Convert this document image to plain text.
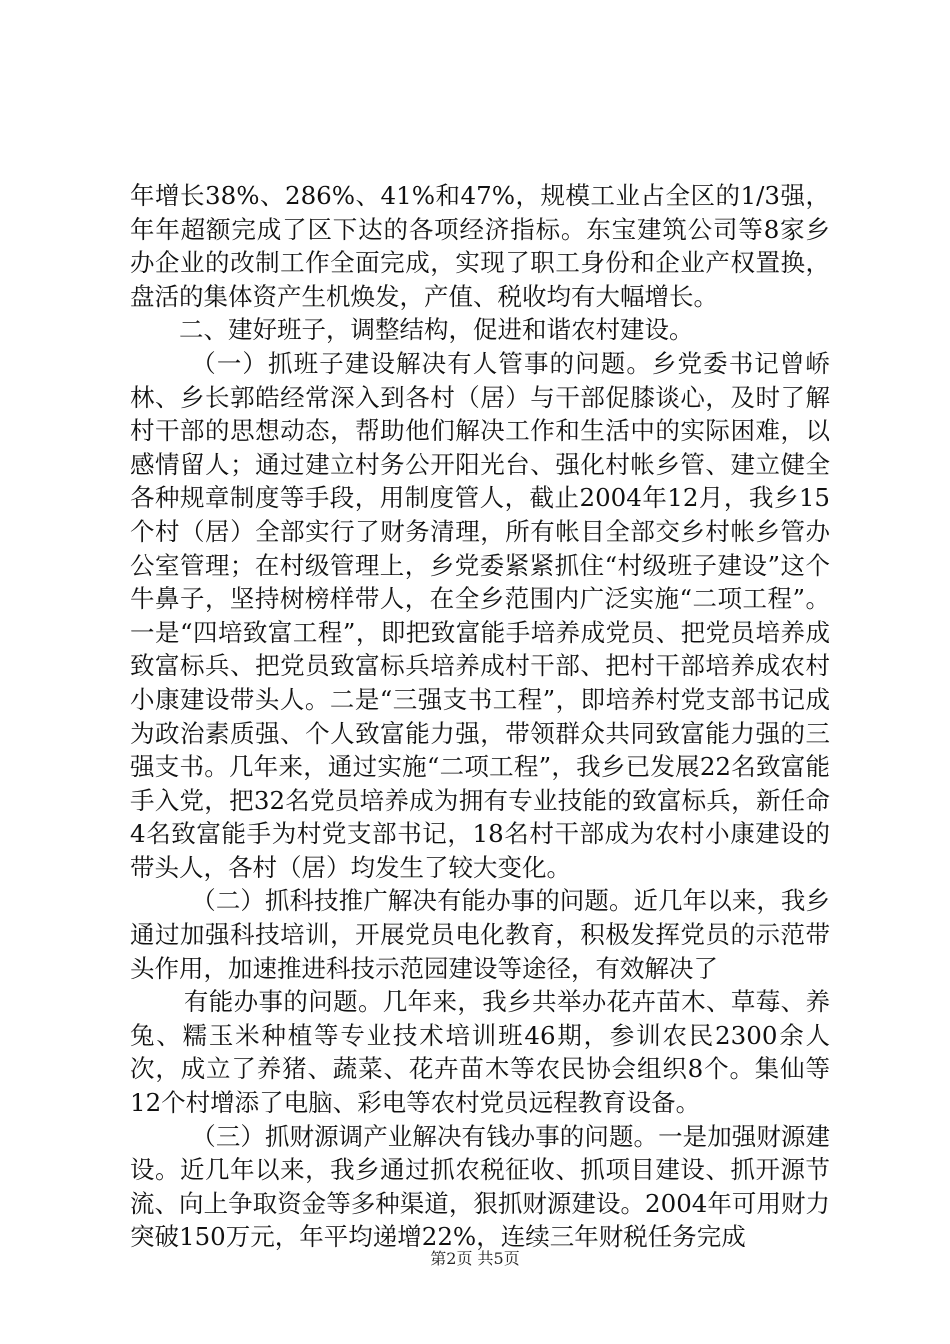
年增长38%、286%、41%和47%，规模工业占全区的1/3强，年年超额完成了区下达的各项经济指标。东宝建筑公司等8家乡办企业的改制工作全面完成，实现了职工身份和企业产权置换，盘活的集体资产生机焕发，产值、税收均有大幅增长。

二、建好班子，调整结构，促进和谐农村建设。

（一）抓班子建设解决有人管事的问题。乡党委书记曾峤林、乡长郭皓经常深入到各村（居）与干部促膝谈心，及时了解村干部的思想动态，帮助他们解决工作和生活中的实际困难，以感情留人；通过建立村务公开阳光台、强化村帐乡管、建立健全各种规章制度等手段，用制度管人，截止2004年12月，我乡15个村（居）全部实行了财务清理，所有帐目全部交乡村帐乡管办公室管理；在村级管理上，乡党委紧紧抓住“村级班子建设”这个牛鼻子，坚持树榜样带人，在全乡范围内广泛实施“二项工程”。一是“四培致富工程”，即把致富能手培养成党员、把党员培养成致富标兵、把党员致富标兵培养成村干部、把村干部培养成农村小康建设带头人。二是“三强支书工程”，即培养村党支部书记成为政治素质强、个人致富能力强，带领群众共同致富能力强的三强支书。几年来，通过实施“二项工程”，我乡已发展22名致富能手入党，把32名党员培养成为拥有专业技能的致富标兵，新任命4名致富能手为村党支部书记，18名村干部成为农村小康建设的带头人，各村（居）均发生了较大变化。

（二）抓科技推广解决有能办事的问题。近几年以来，我乡通过加强科技培训，开展党员电化教育，积极发挥党员的示范带头作用，加速推进科技示范园建设等途径，有效解决了

有能办事的问题。几年来，我乡共举办花卉苗木、草莓、养兔、糯玉米种植等专业技术培训班46期，参训农民2300余人次，成立了养猪、蔬菜、花卉苗木等农民协会组织8个。集仙等12个村增添了电脑、彩电等农村党员远程教育设备。

（三）抓财源调产业解决有钱办事的问题。一是加强财源建设。近几年以来，我乡通过抓农税征收、抓项目建设、抓开源节流、向上争取资金等多种渠道，狠抓财源建设。2004年可用财力突破150万元，年平均递增22%，连续三年财税任务完成

第2页 共5页
